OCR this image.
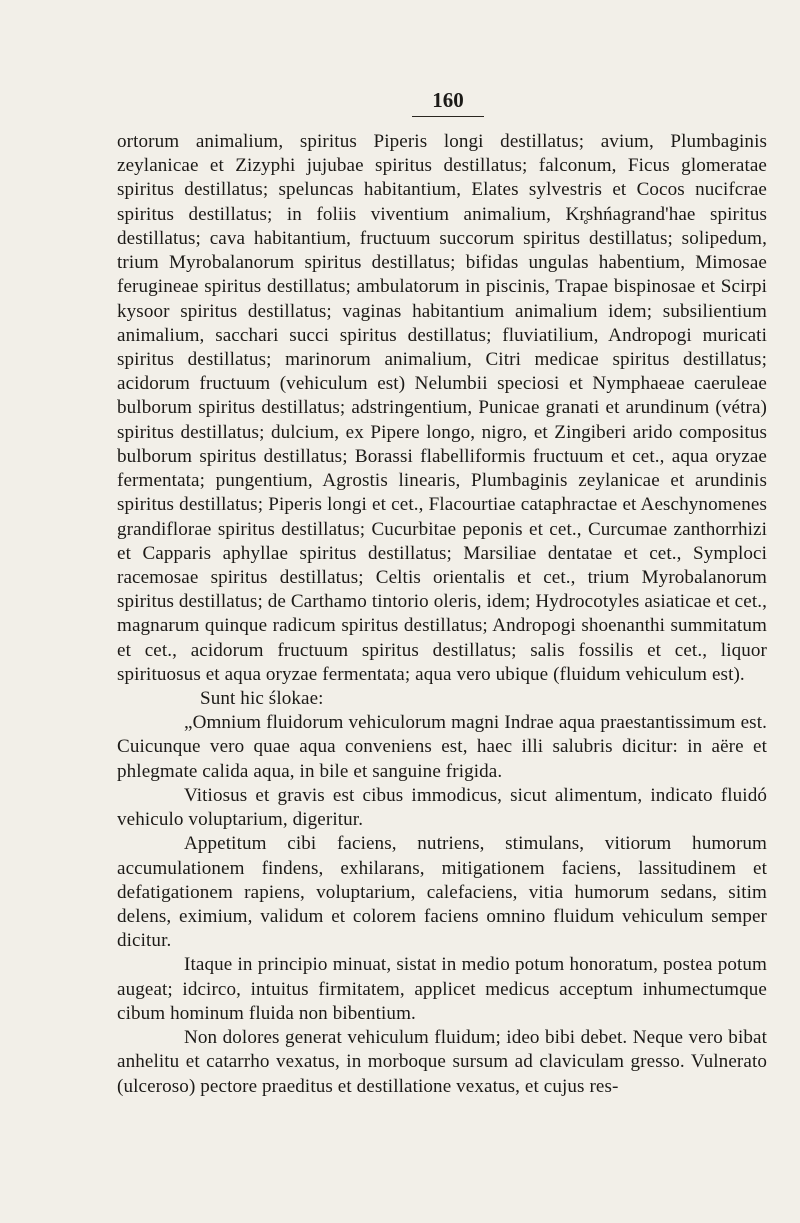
160

ortorum animalium, spiritus Piperis longi destillatus; avium, Plumbaginis zeylanicae et Zizyphi jujubae spiritus destillatus; falconum, Ficus glomeratae spiritus destillatus; speluncas habitantium, Elates sylvestris et Cocos nucifcrae spiritus destillatus; in foliis viventium animalium, Kr̥shńagrand'hae spiritus destillatus; cava habitantium, fructuum succorum spiritus destillatus; solipedum, trium Myrobalanorum spiritus destillatus; bifidas ungulas habentium, Mimosae ferugineae spiritus destillatus; ambulatorum in piscinis, Trapae bispinosae et Scirpi kysoor spiritus destillatus; vaginas habitantium animalium idem; subsilientium animalium, sacchari succi spiritus destillatus; fluviatilium, Andropogi muricati spiritus destillatus; marinorum animalium, Citri medicae spiritus destillatus; acidorum fructuum (vehiculum est) Nelumbii speciosi et Nymphaeae caeruleae bulborum spiritus destillatus; adstringentium, Punicae granati et arundinum (vétra) spiritus destillatus; dulcium, ex Pipere longo, nigro, et Zingiberi arido compositus bulborum spiritus destillatus; Borassi flabelliformis fructuum et cet., aqua oryzae fermentata; pungentium, Agrostis linearis, Plumbaginis zeylanicae et arundinis spiritus destillatus; Piperis longi et cet., Flacourtiae cataphractae et Aeschynomenes grandiflorae spiritus destillatus; Cucurbitae peponis et cet., Curcumae zanthorrhizi et Capparis aphyllae spiritus destillatus; Marsiliae dentatae et cet., Symploci racemosae spiritus destillatus; Celtis orientalis et cet., trium Myrobalanorum spiritus destillatus; de Carthamo tintorio oleris, idem; Hydrocotyles asiaticae et cet., magnarum quinque radicum spiritus destillatus; Andropogi shoenanthi summitatum et cet., acidorum fructuum spiritus destillatus; salis fossilis et cet., liquor spirituosus et aqua oryzae fermentata; aqua vero ubique (fluidum vehiculum est).

Sunt hic ślokae:

„Omnium fluidorum vehiculorum magni Indrae aqua praestantissimum est. Cuicunque vero quae aqua conveniens est, haec illi salubris dicitur: in aëre et phlegmate calida aqua, in bile et sanguine frigida.

Vitiosus et gravis est cibus immodicus, sicut alimentum, indicato fluidó vehiculo voluptarium, digeritur.

Appetitum cibi faciens, nutriens, stimulans, vitiorum humorum accumulationem findens, exhilarans, mitigationem faciens, lassitudinem et defatigationem rapiens, voluptarium, calefaciens, vitia humorum sedans, sitim delens, eximium, validum et colorem faciens omnino fluidum vehiculum semper dicitur.

Itaque in principio minuat, sistat in medio potum honoratum, postea potum augeat; idcirco, intuitus firmitatem, applicet medicus acceptum inhumectumque cibum hominum fluida non bibentium.

Non dolores generat vehiculum fluidum; ideo bibi debet. Neque vero bibat anhelitu et catarrho vexatus, in morboque sursum ad claviculam gresso. Vulnerato (ulceroso) pectore praeditus et destillatione vexatus, et cujus res-
